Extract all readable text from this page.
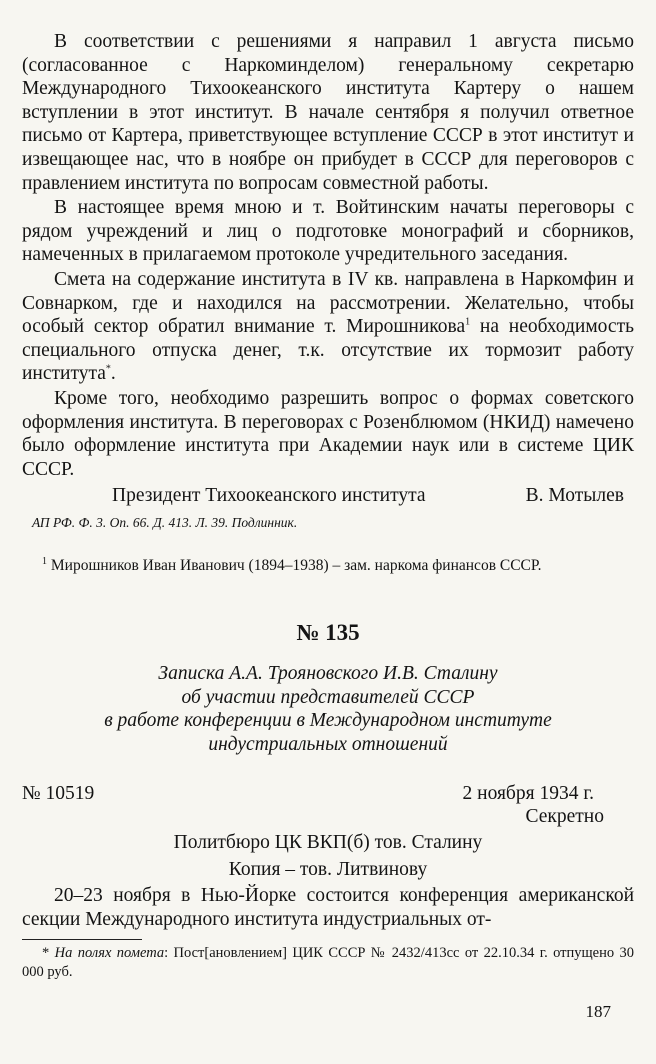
В соответствии с решениями я направил 1 августа письмо (согласованное с Наркоминделом) генеральному секретарю Международного Тихоокеанского института Картеру о нашем вступлении в этот институт. В начале сентября я получил ответное письмо от Картера, приветствующее вступление СССР в этот институт и извещающее нас, что в ноябре он прибудет в СССР для переговоров с правлением института по вопросам совместной работы.

В настоящее время мною и т. Войтинским начаты переговоры с рядом учреждений и лиц о подготовке монографий и сборников, намеченных в прилагаемом протоколе учредительного заседания.

Смета на содержание института в IV кв. направлена в Наркомфин и Совнарком, где и находился на рассмотрении. Желательно, чтобы особый сектор обратил внимание т. Мирошникова$^1$ на необходимость специального отпуска денег, т.к. отсутствие их тормозит работу института*.

Кроме того, необходимо разрешить вопрос о формах советского оформления института. В переговорах с Розенблюмом (НКИД) намечено было оформление института при Академии наук или в системе ЦИК СССР.

Президент Тихоокеанского института	В. Мотылев
АП РФ. Ф. 3. Оп. 66. Д. 413. Л. 39. Подлинник.
$^1$ Мирошников Иван Иванович (1894–1938) – зам. наркома финансов СССР.
№ 135
Записка А.А. Трояновского И.В. Сталину
об участии представителей СССР
в работе конференции в Международном институте
индустриальных отношений
№ 10519	2 ноября 1934 г.
Секретно
Политбюро ЦК ВКП(б) тов. Сталину
Копия – тов. Литвинову

20–23 ноября в Нью-Йорке состоится конференция американской секции Международного института индустриальных от-

* На полях помета: Пост[ановлением] ЦИК СССР № 2432/413сс от 22.10.34 г. отпущено 30 000 руб.
187
